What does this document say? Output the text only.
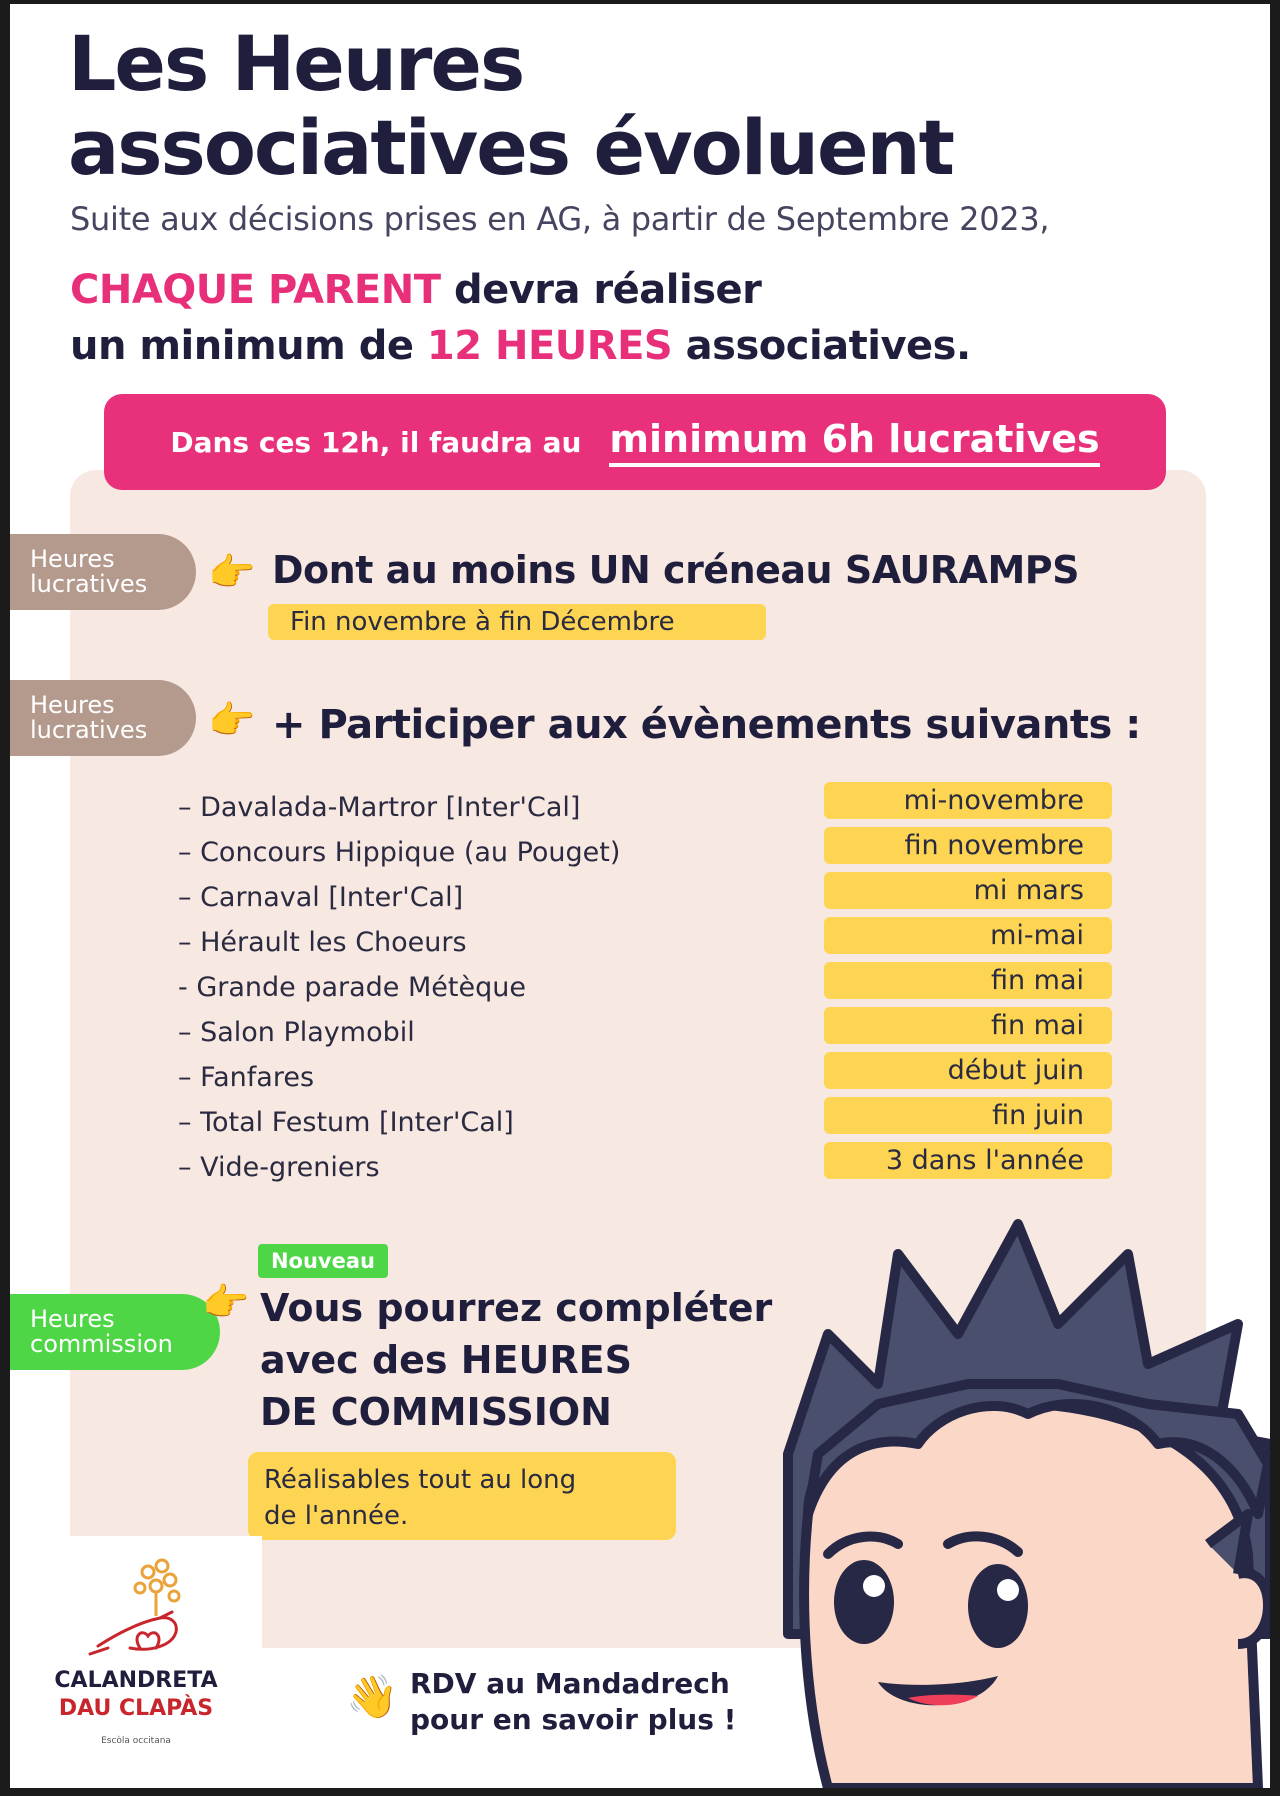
Les Heures
associatives évoluent
Suite aux décisions prises en AG, à partir de Septembre 2023,
CHAQUE PARENT devra réaliser
un minimum de 12 HEURES associatives.
Dans ces 12h, il faudra au minimum 6h lucratives
Heures
lucratives	👉 Dont au moins UN créneau SAURAMPS
Fin novembre à fin Décembre
Heures
lucratives	👉 + Participer aux évènements suivants :
– Davalada-Martror [Inter'Cal]	mi-novembre
– Concours Hippique (au Pouget)	fin novembre
– Carnaval [Inter'Cal]	mi mars
– Hérault les Choeurs	mi-mai
- Grande parade Métèque	fin mai
– Salon Playmobil	fin mai
– Fanfares	début juin
– Total Festum [Inter'Cal]	fin juin
– Vide-greniers	3 dans l'année
Nouveau
Heures
commission
👉 Vous pourrez compléter
avec des HEURES
DE COMMISSION
Réalisables tout au long
de l'année.
CALANDRETA
DAU CLAPÀS
Escòla occitana
👋 RDV au Mandadrech
pour en savoir plus !
